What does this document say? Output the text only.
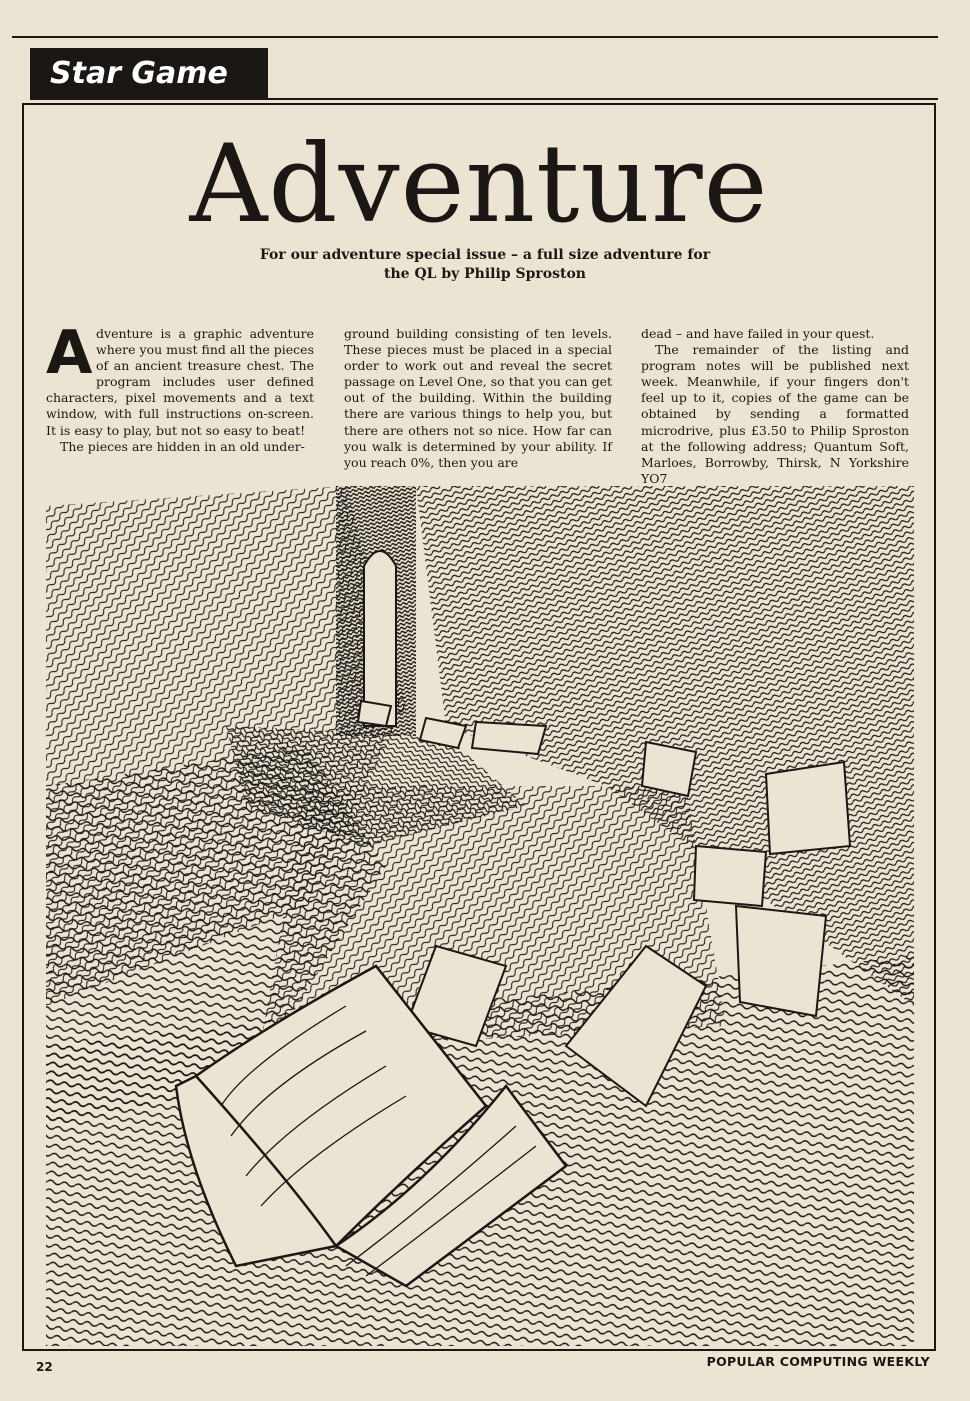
Star Game
Adventure
For our adventure special issue – a full size adventure for
the QL by Philip Sproston

Adventure is a graphic adventure where you must find all the pieces of an ancient treasure chest. The program includes user defined characters, pixel movements and a text window, with full instructions on-screen. It is easy to play, but not so easy to beat!

The pieces are hidden in an old under-

ground building consisting of ten levels. These pieces must be placed in a special order to work out and reveal the secret passage on Level One, so that you can get out of the building. Within the building there are various things to help you, but there are others not so nice. How far can you walk is determined by your ability. If you reach 0%, then you are

dead – and have failed in your quest.

The remainder of the listing and program notes will be published next week. Meanwhile, if your fingers don't feel up to it, copies of the game can be obtained by sending a formatted microdrive, plus £3.50 to Philip Sproston at the following address; Quantum Soft, Marloes, Borrowby, Thirsk, N Yorkshire YO7

22	POPULAR COMPUTING WEEKLY
